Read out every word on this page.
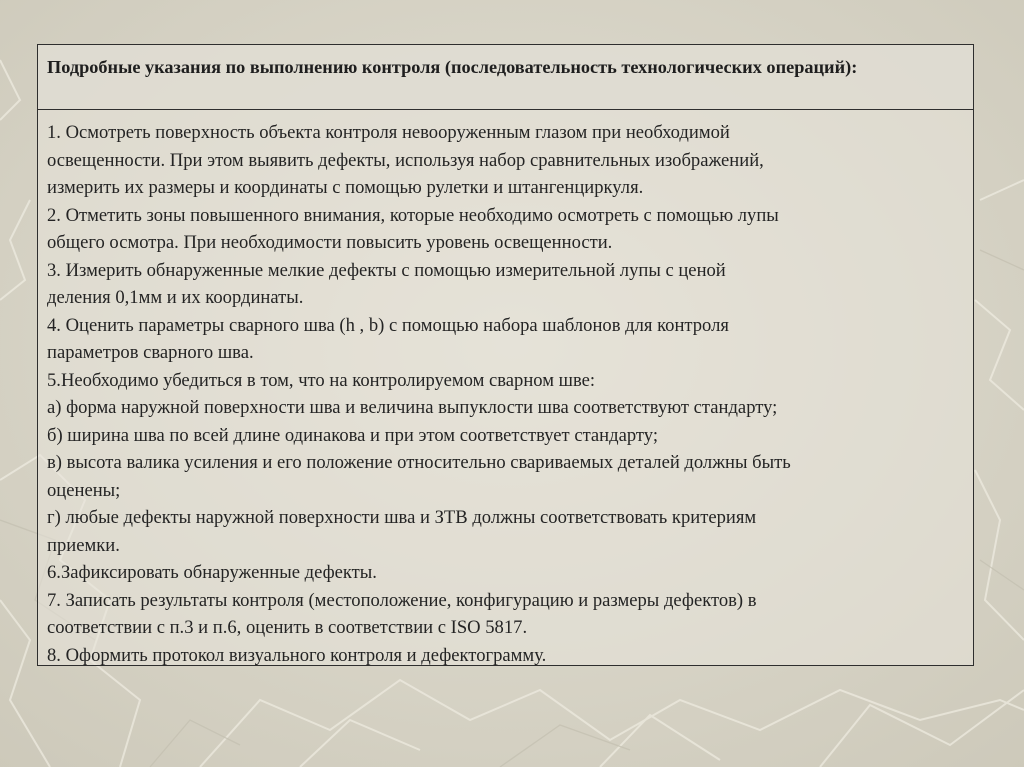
Подробные указания по выполнению контроля (последовательность технологических операций):
1. Осмотреть поверхность объекта контроля невооруженным глазом при необходимой
освещенности. При этом выявить дефекты, используя набор сравнительных изображений,
измерить их размеры и координаты с помощью рулетки и штангенциркуля.
2. Отметить зоны повышенного внимания, которые необходимо осмотреть с помощью лупы
общего осмотра. При необходимости повысить уровень освещенности.
3. Измерить обнаруженные мелкие дефекты с помощью измерительной лупы с ценой
деления 0,1мм и их координаты.
4. Оценить параметры сварного шва (h , b) с помощью набора шаблонов для контроля
параметров сварного шва.
5.Необходимо убедиться в том, что на контролируемом сварном шве:
а) форма наружной поверхности шва и величина выпуклости шва соответствуют стандарту;
б) ширина шва по всей длине одинакова и при этом соответствует стандарту;
в) высота валика усиления и его положение относительно свариваемых деталей должны быть
оценены;
г) любые дефекты наружной поверхности шва и ЗТВ должны соответствовать критериям
приемки.
6.Зафиксировать обнаруженные дефекты.
7. Записать результаты контроля (местоположение, конфигурацию и размеры дефектов) в
соответствии с п.3 и п.6, оценить в соответствии с ISO 5817.
8. Оформить протокол визуального контроля и дефектограмму.
